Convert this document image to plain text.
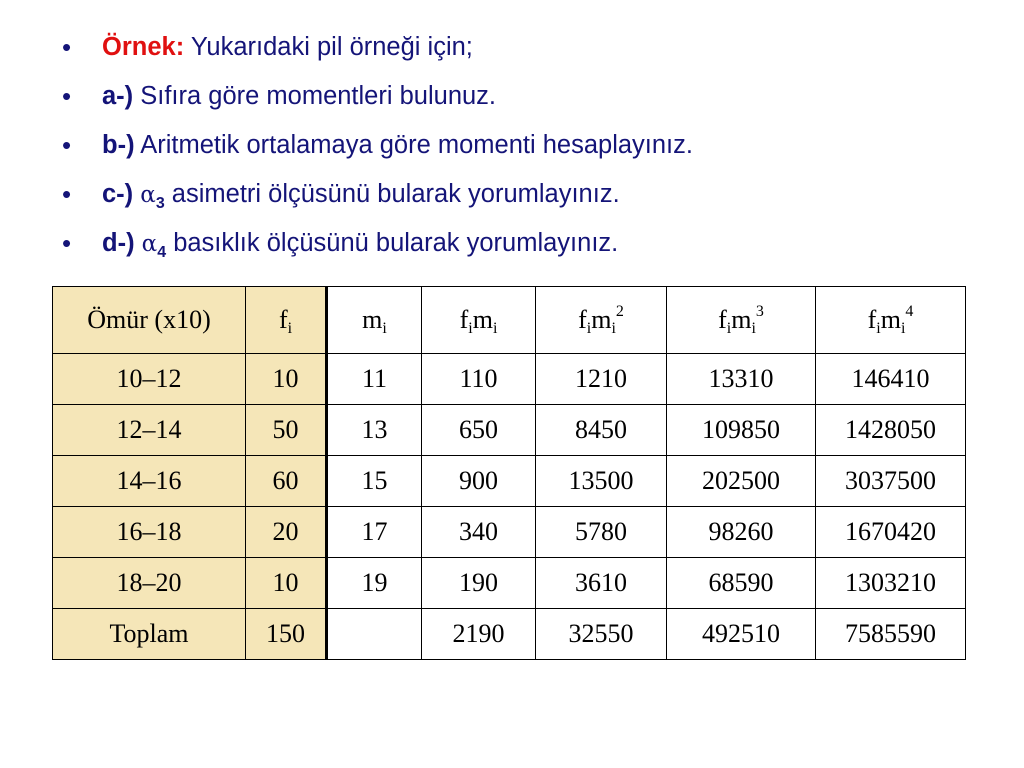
• Örnek: Yukarıdaki pil örneği için;
• a-) Sıfıra göre momentleri bulunuz.
• b-) Aritmetik ortalamaya göre momenti hesaplayınız.
• c-) $\alpha_3$ asimetri ölçüsünü bularak yorumlayınız.
• d-) $\alpha_4$ basıklık ölçüsünü bularak yorumlayınız.
Ömür (x10)	$f_i$	$m_i$	$f_im_i$	$f_im_i^2$	$f_im_i^3$	$f_im_i^4$
10–12	10	11	110	1210	13310	146410
12–14	50	13	650	8450	109850	1428050
14–16	60	15	900	13500	202500	3037500
16–18	20	17	340	5780	98260	1670420
18–20	10	19	190	3610	68590	1303210
Toplam	150		2190	32550	492510	7585590
